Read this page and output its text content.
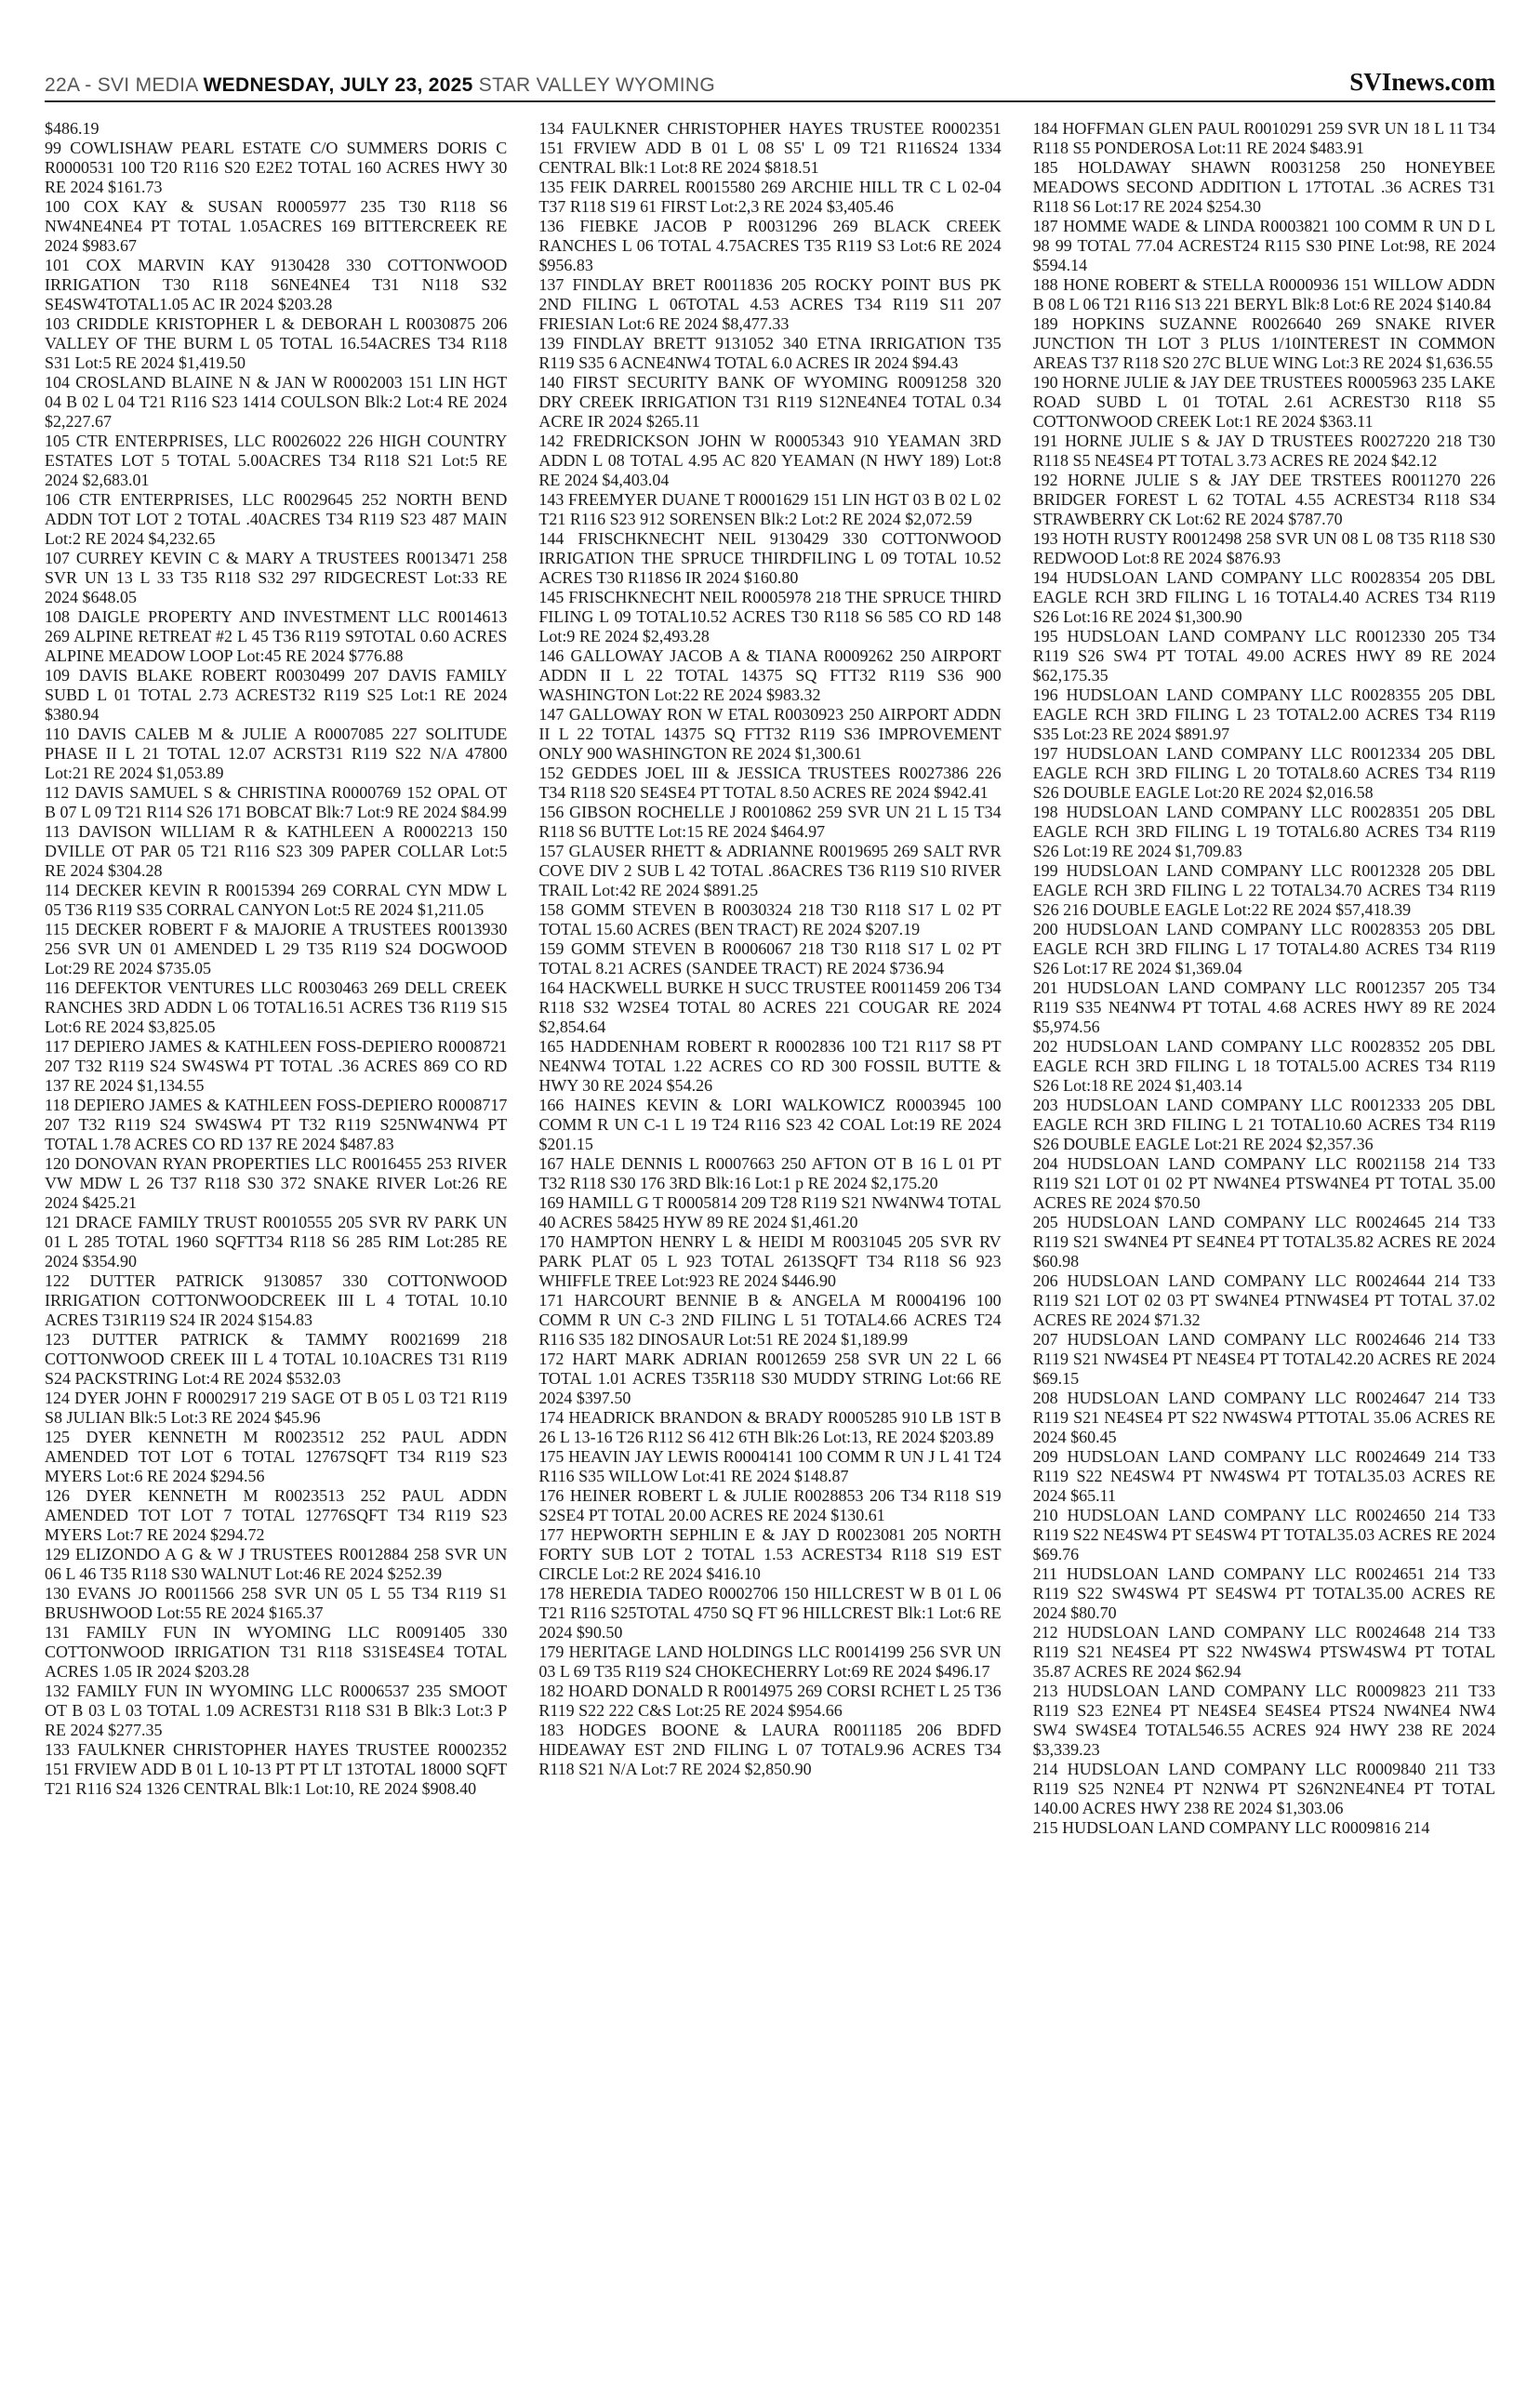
22A - SVI MEDIA WEDNESDAY, JULY 23, 2025 STAR VALLEY WYOMING	SVInews.com

$486.19

99 COWLISHAW PEARL ESTATE C/O SUMMERS DORIS C R0000531 100 T20 R116 S20 E2E2 TOTAL 160 ACRES HWY 30 RE 2024 $161.73

100 COX KAY & SUSAN R0005977 235 T30 R118 S6 NW4NE4NE4 PT TOTAL 1.05ACRES 169 BITTERCREEK RE 2024 $983.67

101 COX MARVIN KAY 9130428 330 COTTONWOOD IRRIGATION T30 R118 S6NE4NE4 T31 N118 S32 SE4SW4TOTAL1.05 AC IR 2024 $203.28

103 CRIDDLE KRISTOPHER L & DEBORAH L R0030875 206 VALLEY OF THE BURM L 05 TOTAL 16.54ACRES T34 R118 S31 Lot:5 RE 2024 $1,419.50

104 CROSLAND BLAINE N & JAN W R0002003 151 LIN HGT 04 B 02 L 04 T21 R116 S23 1414 COULSON Blk:2 Lot:4 RE 2024 $2,227.67

105 CTR ENTERPRISES, LLC R0026022 226 HIGH COUNTRY ESTATES LOT 5 TOTAL 5.00ACRES T34 R118 S21 Lot:5 RE 2024 $2,683.01

106 CTR ENTERPRISES, LLC R0029645 252 NORTH BEND ADDN TOT LOT 2 TOTAL .40ACRES T34 R119 S23 487 MAIN Lot:2 RE 2024 $4,232.65

107 CURREY KEVIN C & MARY A TRUSTEES R0013471 258 SVR UN 13 L 33 T35 R118 S32 297 RIDGECREST Lot:33 RE 2024 $648.05

108 DAIGLE PROPERTY AND INVESTMENT LLC R0014613 269 ALPINE RETREAT #2 L 45 T36 R119 S9TOTAL 0.60 ACRES ALPINE MEADOW LOOP Lot:45 RE 2024 $776.88

109 DAVIS BLAKE ROBERT R0030499 207 DAVIS FAMILY SUBD L 01 TOTAL 2.73 ACREST32 R119 S25 Lot:1 RE 2024 $380.94

110 DAVIS CALEB M & JULIE A R0007085 227 SOLITUDE PHASE II L 21 TOTAL 12.07 ACRST31 R119 S22 N/A 47800 Lot:21 RE 2024 $1,053.89

112 DAVIS SAMUEL S & CHRISTINA R0000769 152 OPAL OT B 07 L 09 T21 R114 S26 171 BOBCAT Blk:7 Lot:9 RE 2024 $84.99

113 DAVISON WILLIAM R & KATHLEEN A R0002213 150 DVILLE OT PAR 05 T21 R116 S23 309 PAPER COLLAR Lot:5 RE 2024 $304.28

114 DECKER KEVIN R R0015394 269 CORRAL CYN MDW L 05 T36 R119 S35 CORRAL CANYON Lot:5 RE 2024 $1,211.05

115 DECKER ROBERT F & MAJORIE A TRUSTEES R0013930 256 SVR UN 01 AMENDED L 29 T35 R119 S24 DOGWOOD Lot:29 RE 2024 $735.05

116 DEFEKTOR VENTURES LLC R0030463 269 DELL CREEK RANCHES 3RD ADDN L 06 TOTAL16.51 ACRES T36 R119 S15 Lot:6 RE 2024 $3,825.05

117 DEPIERO JAMES & KATHLEEN FOSS-DEPIERO R0008721 207 T32 R119 S24 SW4SW4 PT TOTAL .36 ACRES 869 CO RD 137 RE 2024 $1,134.55

118 DEPIERO JAMES & KATHLEEN FOSS-DEPIERO R0008717 207 T32 R119 S24 SW4SW4 PT T32 R119 S25NW4NW4 PT TOTAL 1.78 ACRES CO RD 137 RE 2024 $487.83

120 DONOVAN RYAN PROPERTIES LLC R0016455 253 RIVER VW MDW L 26 T37 R118 S30 372 SNAKE RIVER Lot:26 RE 2024 $425.21

121 DRACE FAMILY TRUST R0010555 205 SVR RV PARK UN 01 L 285 TOTAL 1960 SQFTT34 R118 S6 285 RIM Lot:285 RE 2024 $354.90

122 DUTTER PATRICK 9130857 330 COTTONWOOD IRRIGATION COTTONWOODCREEK III L 4 TOTAL 10.10 ACRES T31R119 S24 IR 2024 $154.83

123 DUTTER PATRICK & TAMMY R0021699 218 COTTONWOOD CREEK III L 4 TOTAL 10.10ACRES T31 R119 S24 PACKSTRING Lot:4 RE 2024 $532.03

124 DYER JOHN F R0002917 219 SAGE OT B 05 L 03 T21 R119 S8 JULIAN Blk:5 Lot:3 RE 2024 $45.96

125 DYER KENNETH M R0023512 252 PAUL ADDN AMENDED TOT LOT 6 TOTAL 12767SQFT T34 R119 S23 MYERS Lot:6 RE 2024 $294.56

126 DYER KENNETH M R0023513 252 PAUL ADDN AMENDED TOT LOT 7 TOTAL 12776SQFT T34 R119 S23 MYERS Lot:7 RE 2024 $294.72

129 ELIZONDO A G & W J TRUSTEES R0012884 258 SVR UN 06 L 46 T35 R118 S30 WALNUT Lot:46 RE 2024 $252.39

130 EVANS JO R0011566 258 SVR UN 05 L 55 T34 R119 S1 BRUSHWOOD Lot:55 RE 2024 $165.37

131 FAMILY FUN IN WYOMING LLC R0091405 330 COTTONWOOD IRRIGATION T31 R118 S31SE4SE4 TOTAL ACRES 1.05 IR 2024 $203.28

132 FAMILY FUN IN WYOMING LLC R0006537 235 SMOOT OT B 03 L 03 TOTAL 1.09 ACREST31 R118 S31 B Blk:3 Lot:3 P RE 2024 $277.35

133 FAULKNER CHRISTOPHER HAYES TRUSTEE R0002352 151 FRVIEW ADD B 01 L 10-13 PT PT LT 13TOTAL 18000 SQFT T21 R116 S24 1326 CENTRAL Blk:1 Lot:10, RE 2024 $908.40

134 FAULKNER CHRISTOPHER HAYES TRUSTEE R0002351 151 FRVIEW ADD B 01 L 08 S5' L 09 T21 R116S24 1334 CENTRAL Blk:1 Lot:8 RE 2024 $818.51

135 FEIK DARREL R0015580 269 ARCHIE HILL TR C L 02-04 T37 R118 S19 61 FIRST Lot:2,3 RE 2024 $3,405.46

136 FIEBKE JACOB P R0031296 269 BLACK CREEK RANCHES L 06 TOTAL 4.75ACRES T35 R119 S3 Lot:6 RE 2024 $956.83

137 FINDLAY BRET R0011836 205 ROCKY POINT BUS PK 2ND FILING L 06TOTAL 4.53 ACRES T34 R119 S11 207 FRIESIAN Lot:6 RE 2024 $8,477.33

139 FINDLAY BRETT 9131052 340 ETNA IRRIGATION T35 R119 S35 6 ACNE4NW4 TOTAL 6.0 ACRES IR 2024 $94.43

140 FIRST SECURITY BANK OF WYOMING R0091258 320 DRY CREEK IRRIGATION T31 R119 S12NE4NE4 TOTAL 0.34 ACRE IR 2024 $265.11

142 FREDRICKSON JOHN W R0005343 910 YEAMAN 3RD ADDN L 08 TOTAL 4.95 AC 820 YEAMAN (N HWY 189) Lot:8 RE 2024 $4,403.04

143 FREEMYER DUANE T R0001629 151 LIN HGT 03 B 02 L 02 T21 R116 S23 912 SORENSEN Blk:2 Lot:2 RE 2024 $2,072.59

144 FRISCHKNECHT NEIL 9130429 330 COTTONWOOD IRRIGATION THE SPRUCE THIRDFILING L 09 TOTAL 10.52 ACRES T30 R118S6 IR 2024 $160.80

145 FRISCHKNECHT NEIL R0005978 218 THE SPRUCE THIRD FILING L 09 TOTAL10.52 ACRES T30 R118 S6 585 CO RD 148 Lot:9 RE 2024 $2,493.28

146 GALLOWAY JACOB A & TIANA R0009262 250 AIRPORT ADDN II L 22 TOTAL 14375 SQ FTT32 R119 S36 900 WASHINGTON Lot:22 RE 2024 $983.32

147 GALLOWAY RON W ETAL R0030923 250 AIRPORT ADDN II L 22 TOTAL 14375 SQ FTT32 R119 S36 IMPROVEMENT ONLY 900 WASHINGTON RE 2024 $1,300.61

152 GEDDES JOEL III & JESSICA TRUSTEES R0027386 226 T34 R118 S20 SE4SE4 PT TOTAL 8.50 ACRES RE 2024 $942.41

156 GIBSON ROCHELLE J R0010862 259 SVR UN 21 L 15 T34 R118 S6 BUTTE Lot:15 RE 2024 $464.97

157 GLAUSER RHETT & ADRIANNE R0019695 269 SALT RVR COVE DIV 2 SUB L 42 TOTAL .86ACRES T36 R119 S10 RIVER TRAIL Lot:42 RE 2024 $891.25

158 GOMM STEVEN B R0030324 218 T30 R118 S17 L 02 PT TOTAL 15.60 ACRES (BEN TRACT) RE 2024 $207.19

159 GOMM STEVEN B R0006067 218 T30 R118 S17 L 02 PT TOTAL 8.21 ACRES (SANDEE TRACT) RE 2024 $736.94

164 HACKWELL BURKE H SUCC TRUSTEE R0011459 206 T34 R118 S32 W2SE4 TOTAL 80 ACRES 221 COUGAR RE 2024 $2,854.64

165 HADDENHAM ROBERT R R0002836 100 T21 R117 S8 PT NE4NW4 TOTAL 1.22 ACRES CO RD 300 FOSSIL BUTTE & HWY 30 RE 2024 $54.26

166 HAINES KEVIN & LORI WALKOWICZ R0003945 100 COMM R UN C-1 L 19 T24 R116 S23 42 COAL Lot:19 RE 2024 $201.15

167 HALE DENNIS L R0007663 250 AFTON OT B 16 L 01 PT T32 R118 S30 176 3RD Blk:16 Lot:1 p RE 2024 $2,175.20

169 HAMILL G T R0005814 209 T28 R119 S21 NW4NW4 TOTAL 40 ACRES 58425 HYW 89 RE 2024 $1,461.20

170 HAMPTON HENRY L & HEIDI M R0031045 205 SVR RV PARK PLAT 05 L 923 TOTAL 2613SQFT T34 R118 S6 923 WHIFFLE TREE Lot:923 RE 2024 $446.90

171 HARCOURT BENNIE B & ANGELA M R0004196 100 COMM R UN C-3 2ND FILING L 51 TOTAL4.66 ACRES T24 R116 S35 182 DINOSAUR Lot:51 RE 2024 $1,189.99

172 HART MARK ADRIAN R0012659 258 SVR UN 22 L 66 TOTAL 1.01 ACRES T35R118 S30 MUDDY STRING Lot:66 RE 2024 $397.50

174 HEADRICK BRANDON & BRADY R0005285 910 LB 1ST B 26 L 13-16 T26 R112 S6 412 6TH Blk:26 Lot:13, RE 2024 $203.89

175 HEAVIN JAY LEWIS R0004141 100 COMM R UN J L 41 T24 R116 S35 WILLOW Lot:41 RE 2024 $148.87

176 HEINER ROBERT L & JULIE R0028853 206 T34 R118 S19 S2SE4 PT TOTAL 20.00 ACRES RE 2024 $130.61

177 HEPWORTH SEPHLIN E & JAY D R0023081 205 NORTH FORTY SUB LOT 2 TOTAL 1.53 ACREST34 R118 S19 EST CIRCLE Lot:2 RE 2024 $416.10

178 HEREDIA TADEO R0002706 150 HILLCREST W B 01 L 06 T21 R116 S25TOTAL 4750 SQ FT 96 HILLCREST Blk:1 Lot:6 RE 2024 $90.50

179 HERITAGE LAND HOLDINGS LLC R0014199 256 SVR UN 03 L 69 T35 R119 S24 CHOKECHERRY Lot:69 RE 2024 $496.17

182 HOARD DONALD R R0014975 269 CORSI RCHET L 25 T36 R119 S22 222 C&S Lot:25 RE 2024 $954.66

183 HODGES BOONE & LAURA R0011185 206 BDFD HIDEAWAY EST 2ND FILING L 07 TOTAL9.96 ACRES T34 R118 S21 N/A Lot:7 RE 2024 $2,850.90

184 HOFFMAN GLEN PAUL R0010291 259 SVR UN 18 L 11 T34 R118 S5 PONDEROSA Lot:11 RE 2024 $483.91

185 HOLDAWAY SHAWN R0031258 250 HONEYBEE MEADOWS SECOND ADDITION L 17TOTAL .36 ACRES T31 R118 S6 Lot:17 RE 2024 $254.30

187 HOMME WADE & LINDA R0003821 100 COMM R UN D L 98 99 TOTAL 77.04 ACREST24 R115 S30 PINE Lot:98, RE 2024 $594.14

188 HONE ROBERT & STELLA R0000936 151 WILLOW ADDN B 08 L 06 T21 R116 S13 221 BERYL Blk:8 Lot:6 RE 2024 $140.84

189 HOPKINS SUZANNE R0026640 269 SNAKE RIVER JUNCTION TH LOT 3 PLUS 1/10INTEREST IN COMMON AREAS T37 R118 S20 27C BLUE WING Lot:3 RE 2024 $1,636.55

190 HORNE JULIE & JAY DEE TRUSTEES R0005963 235 LAKE ROAD SUBD L 01 TOTAL 2.61 ACREST30 R118 S5 COTTONWOOD CREEK Lot:1 RE 2024 $363.11

191 HORNE JULIE S & JAY D TRUSTEES R0027220 218 T30 R118 S5 NE4SE4 PT TOTAL 3.73 ACRES RE 2024 $42.12

192 HORNE JULIE S & JAY DEE TRSTEES R0011270 226 BRIDGER FOREST L 62 TOTAL 4.55 ACREST34 R118 S34 STRAWBERRY CK Lot:62 RE 2024 $787.70

193 HOTH RUSTY R0012498 258 SVR UN 08 L 08 T35 R118 S30 REDWOOD Lot:8 RE 2024 $876.93

194 HUDSLOAN LAND COMPANY LLC R0028354 205 DBL EAGLE RCH 3RD FILING L 16 TOTAL4.40 ACRES T34 R119 S26 Lot:16 RE 2024 $1,300.90

195 HUDSLOAN LAND COMPANY LLC R0012330 205 T34 R119 S26 SW4 PT TOTAL 49.00 ACRES HWY 89 RE 2024 $62,175.35

196 HUDSLOAN LAND COMPANY LLC R0028355 205 DBL EAGLE RCH 3RD FILING L 23 TOTAL2.00 ACRES T34 R119 S35 Lot:23 RE 2024 $891.97

197 HUDSLOAN LAND COMPANY LLC R0012334 205 DBL EAGLE RCH 3RD FILING L 20 TOTAL8.60 ACRES T34 R119 S26 DOUBLE EAGLE Lot:20 RE 2024 $2,016.58

198 HUDSLOAN LAND COMPANY LLC R0028351 205 DBL EAGLE RCH 3RD FILING L 19 TOTAL6.80 ACRES T34 R119 S26 Lot:19 RE 2024 $1,709.83

199 HUDSLOAN LAND COMPANY LLC R0012328 205 DBL EAGLE RCH 3RD FILING L 22 TOTAL34.70 ACRES T34 R119 S26 216 DOUBLE EAGLE Lot:22 RE 2024 $57,418.39

200 HUDSLOAN LAND COMPANY LLC R0028353 205 DBL EAGLE RCH 3RD FILING L 17 TOTAL4.80 ACRES T34 R119 S26 Lot:17 RE 2024 $1,369.04

201 HUDSLOAN LAND COMPANY LLC R0012357 205 T34 R119 S35 NE4NW4 PT TOTAL 4.68 ACRES HWY 89 RE 2024 $5,974.56

202 HUDSLOAN LAND COMPANY LLC R0028352 205 DBL EAGLE RCH 3RD FILING L 18 TOTAL5.00 ACRES T34 R119 S26 Lot:18 RE 2024 $1,403.14

203 HUDSLOAN LAND COMPANY LLC R0012333 205 DBL EAGLE RCH 3RD FILING L 21 TOTAL10.60 ACRES T34 R119 S26 DOUBLE EAGLE Lot:21 RE 2024 $2,357.36

204 HUDSLOAN LAND COMPANY LLC R0021158 214 T33 R119 S21 LOT 01 02 PT NW4NE4 PTSW4NE4 PT TOTAL 35.00 ACRES RE 2024 $70.50

205 HUDSLOAN LAND COMPANY LLC R0024645 214 T33 R119 S21 SW4NE4 PT SE4NE4 PT TOTAL35.82 ACRES RE 2024 $60.98

206 HUDSLOAN LAND COMPANY LLC R0024644 214 T33 R119 S21 LOT 02 03 PT SW4NE4 PTNW4SE4 PT TOTAL 37.02 ACRES RE 2024 $71.32

207 HUDSLOAN LAND COMPANY LLC R0024646 214 T33 R119 S21 NW4SE4 PT NE4SE4 PT TOTAL42.20 ACRES RE 2024 $69.15

208 HUDSLOAN LAND COMPANY LLC R0024647 214 T33 R119 S21 NE4SE4 PT S22 NW4SW4 PTTOTAL 35.06 ACRES RE 2024 $60.45

209 HUDSLOAN LAND COMPANY LLC R0024649 214 T33 R119 S22 NE4SW4 PT NW4SW4 PT TOTAL35.03 ACRES RE 2024 $65.11

210 HUDSLOAN LAND COMPANY LLC R0024650 214 T33 R119 S22 NE4SW4 PT SE4SW4 PT TOTAL35.03 ACRES RE 2024 $69.76

211 HUDSLOAN LAND COMPANY LLC R0024651 214 T33 R119 S22 SW4SW4 PT SE4SW4 PT TOTAL35.00 ACRES RE 2024 $80.70

212 HUDSLOAN LAND COMPANY LLC R0024648 214 T33 R119 S21 NE4SE4 PT S22 NW4SW4 PTSW4SW4 PT TOTAL 35.87 ACRES RE 2024 $62.94

213 HUDSLOAN LAND COMPANY LLC R0009823 211 T33 R119 S23 E2NE4 PT NE4SE4 SE4SE4 PTS24 NW4NE4 NW4 SW4 SW4SE4 TOTAL546.55 ACRES 924 HWY 238 RE 2024 $3,339.23

214 HUDSLOAN LAND COMPANY LLC R0009840 211 T33 R119 S25 N2NE4 PT N2NW4 PT S26N2NE4NE4 PT TOTAL 140.00 ACRES HWY 238 RE 2024 $1,303.06

215 HUDSLOAN LAND COMPANY LLC R0009816 214
